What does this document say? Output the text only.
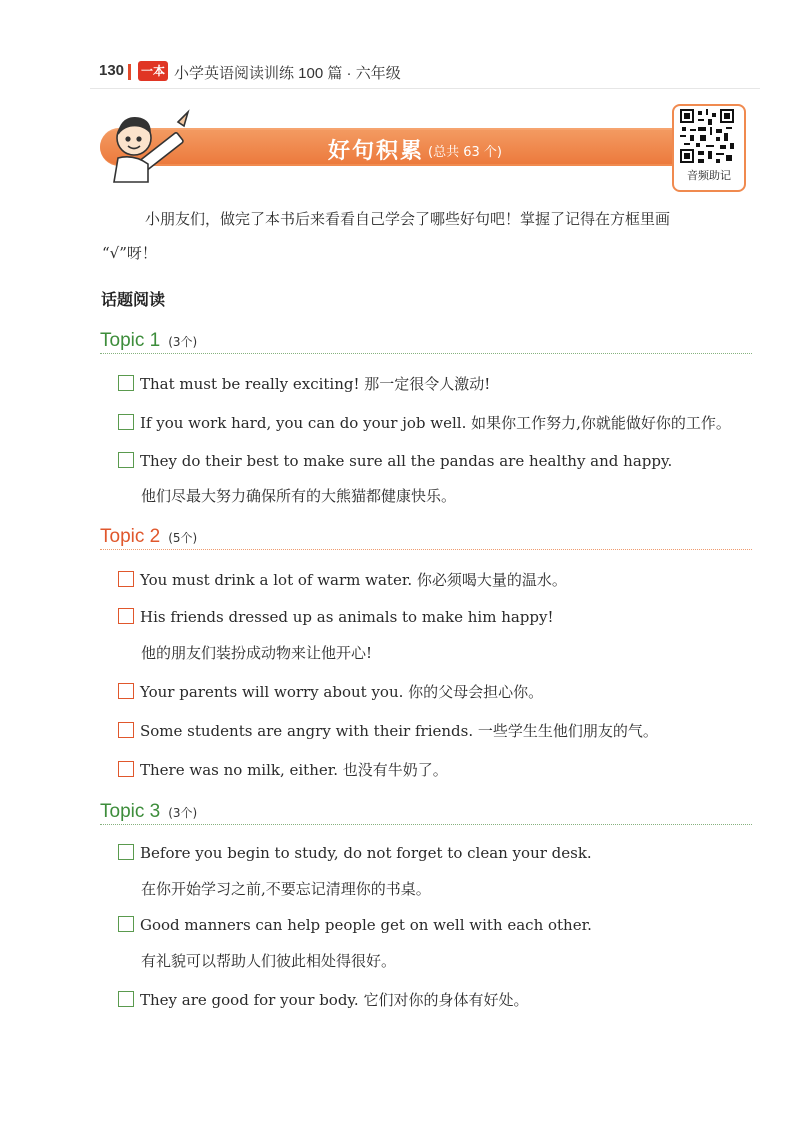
130 一本 小学英语阅读训练 100 篇 · 六年级
好句积累 (总共 63 个)
音频助记
小朋友们，做完了本书后来看看自己学会了哪些好句吧！掌握了记得在方框里画
“√”呀！
话题阅读
Topic 1 (3个)
That must be really exciting! 那一定很令人激动!
If you work hard, you can do your job well. 如果你工作努力,你就能做好你的工作。
They do their best to make sure all the pandas are healthy and happy.
他们尽最大努力确保所有的大熊猫都健康快乐。
Topic 2 (5个)
You must drink a lot of warm water. 你必须喝大量的温水。
His friends dressed up as animals to make him happy!
他的朋友们装扮成动物来让他开心!
Your parents will worry about you. 你的父母会担心你。
Some students are angry with their friends. 一些学生生他们朋友的气。
There was no milk, either. 也没有牛奶了。
Topic 3 (3个)
Before you begin to study, do not forget to clean your desk.
在你开始学习之前,不要忘记清理你的书桌。
Good manners can help people get on well with each other.
有礼貌可以帮助人们彼此相处得很好。
They are good for your body. 它们对你的身体有好处。
